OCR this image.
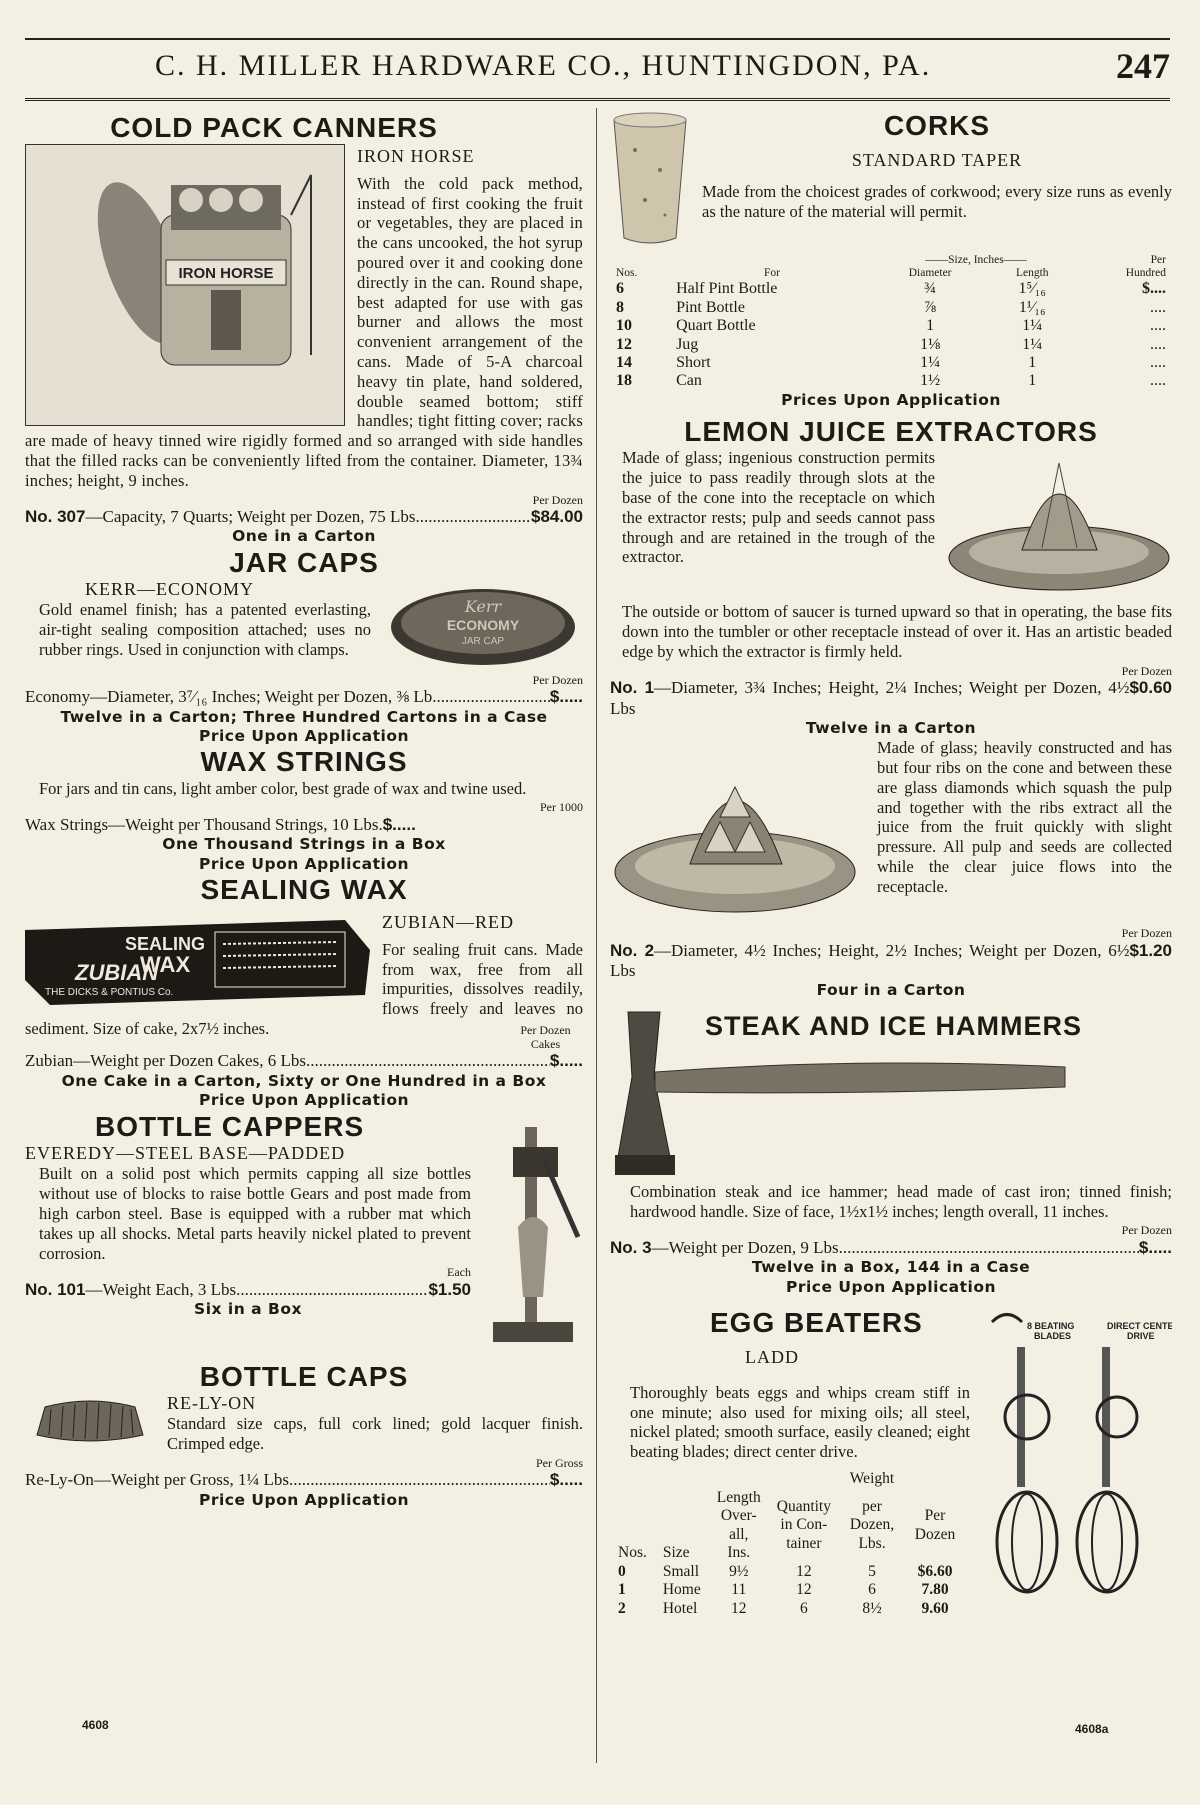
C. H. MILLER HARDWARE CO., HUNTINGDON, PA.	247
COLD PACK CANNERS
IRON HORSE

IRON HORSE

With the cold pack method, instead of first cooking the fruit or vegetables, they are placed in the cans uncooked, the hot syrup poured over it and cooking done directly in the can. Round shape, best adapted for use with gas burner and allows the most convenient arrangement of the cans. Made of 5-A charcoal heavy tin plate, hand soldered, double seamed bottom; stiff handles; tight fitting cover; racks are made of heavy tinned wire rigidly formed and so arranged with side handles that the filled racks can be conveniently lifted from the container. Diameter, 13¾ inches; height, 9 inches.

Per Dozen

No. 307—Capacity, 7 Quarts; Weight per Dozen, 75 Lbs .....	$84.00

One in a Carton

JAR CAPS
Kerr
ECONOMY
JAR CAP

KERR—ECONOMY

Gold enamel finish; has a patented everlasting, air-tight sealing composition attached; uses no rubber rings. Used in conjunction with clamps.

Per Dozen

Economy—Diameter, 3⁷⁄₁₆ Inches; Weight per Dozen, ⅜ Lb .....	$.....

Twelve in a Carton; Three Hundred Cartons in a Case

Price Upon Application

WAX STRINGS

For jars and tin cans, light amber color, best grade of wax and twine used.

Per 1000

Wax Strings—Weight per Thousand Strings, 10 Lbs. $.....

One Thousand Strings in a Box

Price Upon Application

SEALING WAX
ZUBIAN
SEALING
WAX
THE DICKS & PONTIUS Co.

ZUBIAN—RED

For sealing fruit cans. Made from wax, free from all impurities, dissolves readily, flows freely and leaves no sediment. Size of cake, 2x7½ inches.	Per Dozen Cakes

Zubian—Weight per Dozen Cakes, 6 Lbs .....	$.....

One Cake in a Carton, Sixty or One Hundred in a Box

Price Upon Application

BOTTLE CAPPERS

EVEREDY—STEEL BASE—PADDED

Built on a solid post which permits capping all size bottles without use of blocks to raise bottle Gears and post made from high carbon steel. Base is equipped with a rubber mat which takes up all shocks. Metal parts heavily nickel plated to prevent corrosion.

Each

No. 101—Weight Each, 3 Lbs. .....	$1.50

Six in a Box

BOTTLE CAPS

RE-LY-ON

Standard size caps, full cork lined; gold lacquer finish. Crimped edge.

Per Gross

Re-Ly-On—Weight per Gross, 1¼ Lbs .....	$.....

Price Upon Application

CORKS

STANDARD TAPER

Made from the choicest grades of corkwood; every size runs as evenly as the nature of the material will permit.

		——Size, Inches——		Per
Nos.	For	Diameter	Length	Hundred
6	Half Pint Bottle	¾	1⁵⁄₁₆	$....
8	Pint Bottle	⅞	1¹⁄₁₆	....
10	Quart Bottle	1	1¼	....
12	Jug	1⅛	1¼	....
14	Short	1¼	1	....
18	Can	1½	1	....

Prices Upon Application

LEMON JUICE EXTRACTORS

Made of glass; ingenious construction permits the juice to pass readily through slots at the base of the cone into the receptacle on which the extractor rests; pulp and seeds cannot pass through and are retained in the trough of the extractor.

The outside or bottom of saucer is turned upward so that in operating, the base fits down into the tumbler or other receptacle instead of over it. Has an artistic beaded edge by which the extractor is firmly held.

Per Dozen

No. 1—Diameter, 3¾ Inches; Height, 2¼ Inches; Weight per Dozen, 4½ Lbs
$0.60

Twelve in a Carton

Made of glass; heavily constructed and has but four ribs on the cone and between these are glass diamonds which squash the pulp and together with the ribs extract all the juice from the fruit quickly with slight pressure. All pulp and seeds are collected while the clear juice flows into the receptacle.

Per Dozen

No. 2—Diameter, 4½ Inches; Height, 2½ Inches; Weight per Dozen, 6½ Lbs
$1.20

Four in a Carton

STEAK AND ICE HAMMERS

Combination steak and ice hammer; head made of cast iron; tinned finish; hardwood handle. Size of face, 1½x1½ inches; length overall, 11 inches.

Per Dozen

No. 3—Weight per Dozen, 9 Lbs .....	$.....

Twelve in a Box, 144 in a Case

Price Upon Application

8 BEATING
BLADES
DIRECT CENTE
DRIVE
EGG BEATERS

LADD

Thoroughly beats eggs and whips cream stiff in one minute; also used for mixing oils; all steel, nickel plated; smooth surface, easily cleaned; eight beating blades; direct center drive.

				Weight	
Nos.	Size	Length Over-all, Ins.	Quantity in Con-tainer	per Dozen, Lbs.	Per Dozen
0	Small	9½	12	5	$6.60
1	Home	11	12	6	7.80
2	Hotel	12	6	8½	9.60
4608	4608a
